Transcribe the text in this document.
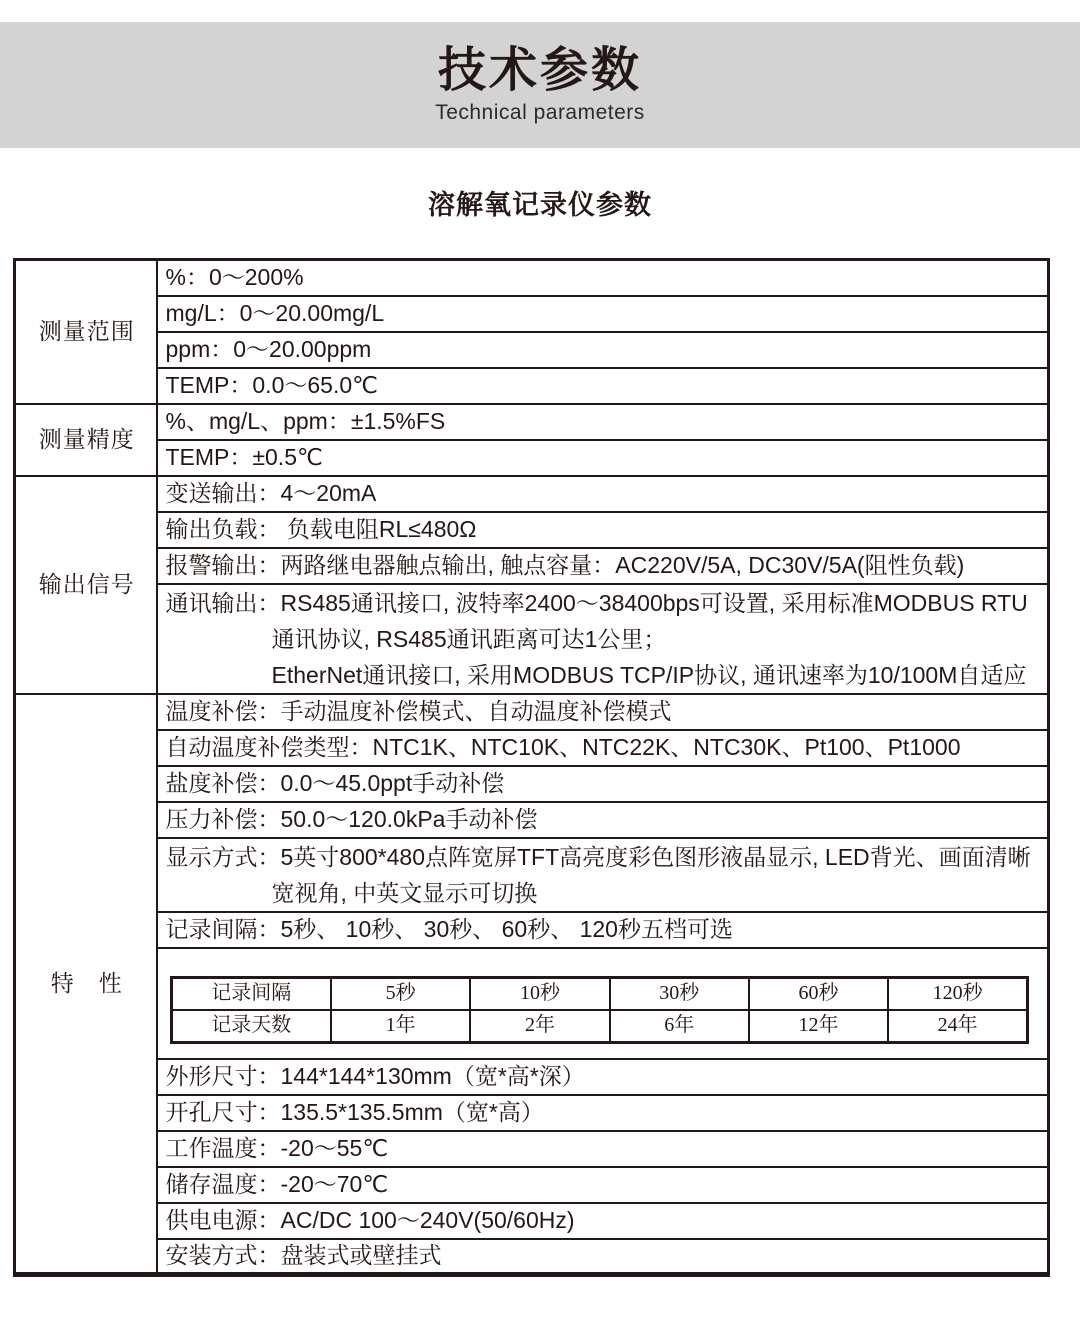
技术参数
Technical parameters
溶解氧记录仪参数
测量范围	%：0～200%
mg/L：0～20.00mg/L
ppm：0～20.00ppm
TEMP：0.0～65.0℃
测量精度	%、mg/L、ppm：±1.5%FS
TEMP：±0.5℃
输出信号	变送输出：4～20mA
输出负载： 负载电阻RL≤480Ω
报警输出：两路继电器触点输出, 触点容量：AC220V/5A, DC30V/5A(阻性负载)

通讯输出：RS485通讯接口, 波特率2400～38400bps可设置, 采用标准MODBUS RTU
通讯协议, RS485通讯距离可达1公里；
EtherNet通讯接口, 采用MODBUS TCP/IP协议, 通讯速率为10/100M自适应

特　性	温度补偿：手动温度补偿模式、自动温度补偿模式
自动温度补偿类型：NTC1K、NTC10K、NTC22K、NTC30K、Pt100、Pt1000
盐度补偿：0.0～45.0ppt手动补偿
压力补偿：50.0～120.0kPa手动补偿

显示方式：5英寸800*480点阵宽屏TFT高亮度彩色图形液晶显示, LED背光、画面清晰
宽视角, 中英文显示可切换

记录间隔：5秒、 10秒、 30秒、 60秒、 120秒五档可选

记录间隔	5秒	10秒	30秒	60秒	120秒
记录天数	1年	2年	6年	12年	24年

外形尺寸：144*144*130mm（宽*高*深）
开孔尺寸：135.5*135.5mm（宽*高）
工作温度：-20～55℃
储存温度：-20～70℃
供电电源：AC/DC 100～240V(50/60Hz)
安装方式：盘装式或壁挂式
